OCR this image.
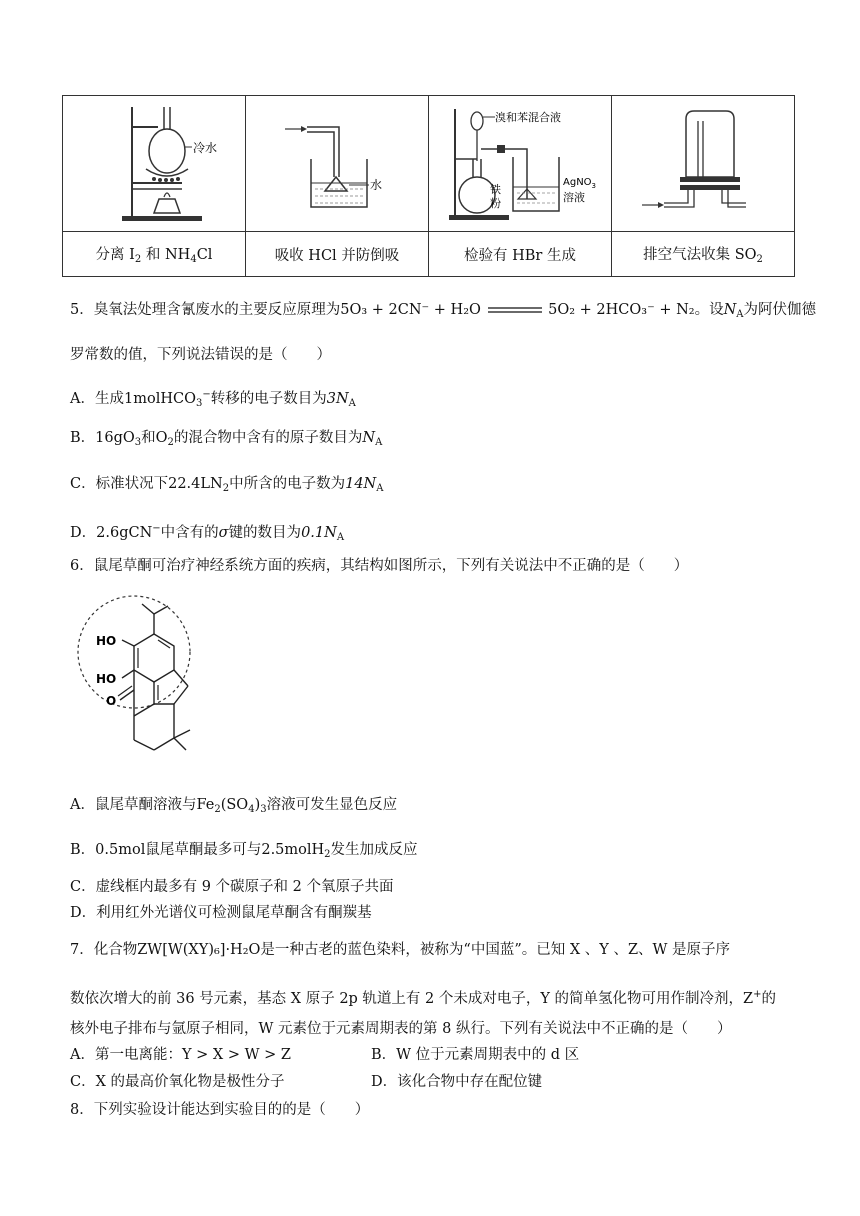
冷水	水	溴和苯混合液
铁
粉
AgNO$_3$
溶液

分离 $I_2$ 和 $NH_4Cl$	吸收 HCl 并防倒吸	检验有 HBr 生成	排空气法收集 $SO_2$
5．臭氧法处理含氰废水的主要反应原理为5O₃ + 2CN⁻ + H₂O	5O₂ + 2HCO₃⁻ + N₂。设$N_A$为阿伏伽德
罗常数的值，下列说法错误的是（　　）
A．生成1molHCO$_3$−转移的电子数目为$3N_A$
B．$16gO_3$和$O_2$的混合物中含有的原子数目为$N_A$
C．标准状况下$22.4LN_2$中所含的电子数为$14N_A$
D．2.6gCN−中含有的σ键的数目为$0.1N_A$
6．鼠尾草酮可治疗神经系统方面的疾病，其结构如图所示，下列有关说法中不正确的是（　　）
HO
HO
O
A．鼠尾草酮溶液与$Fe_2(SO_4)_3$溶液可发生显色反应
B．0.5mol鼠尾草酮最多可与2.5molH$_2$发生加成反应
C．虚线框内最多有 9 个碳原子和 2 个氧原子共面
D．利用红外光谱仪可检测鼠尾草酮含有酮羰基
7．化合物ZW[W(XY)₆]·H₂O是一种古老的蓝色染料，被称为“中国蓝”。已知 X 、Y 、Z、W 是原子序
数依次增大的前 36 号元素，基态 X 原子 2p 轨道上有 2 个未成对电子，Y 的简单氢化物可用作制冷剂，Z+的
核外电子排布与氩原子相同，W 元素位于元素周期表的第 8 纵行。下列有关说法中不正确的是（　　）
A．第一电离能：Y > X > W > Z	B．W 位于元素周期表中的 d 区
C．X 的最高价氧化物是极性分子	D．该化合物中存在配位键
8．下列实验设计能达到实验目的的是（　　）
